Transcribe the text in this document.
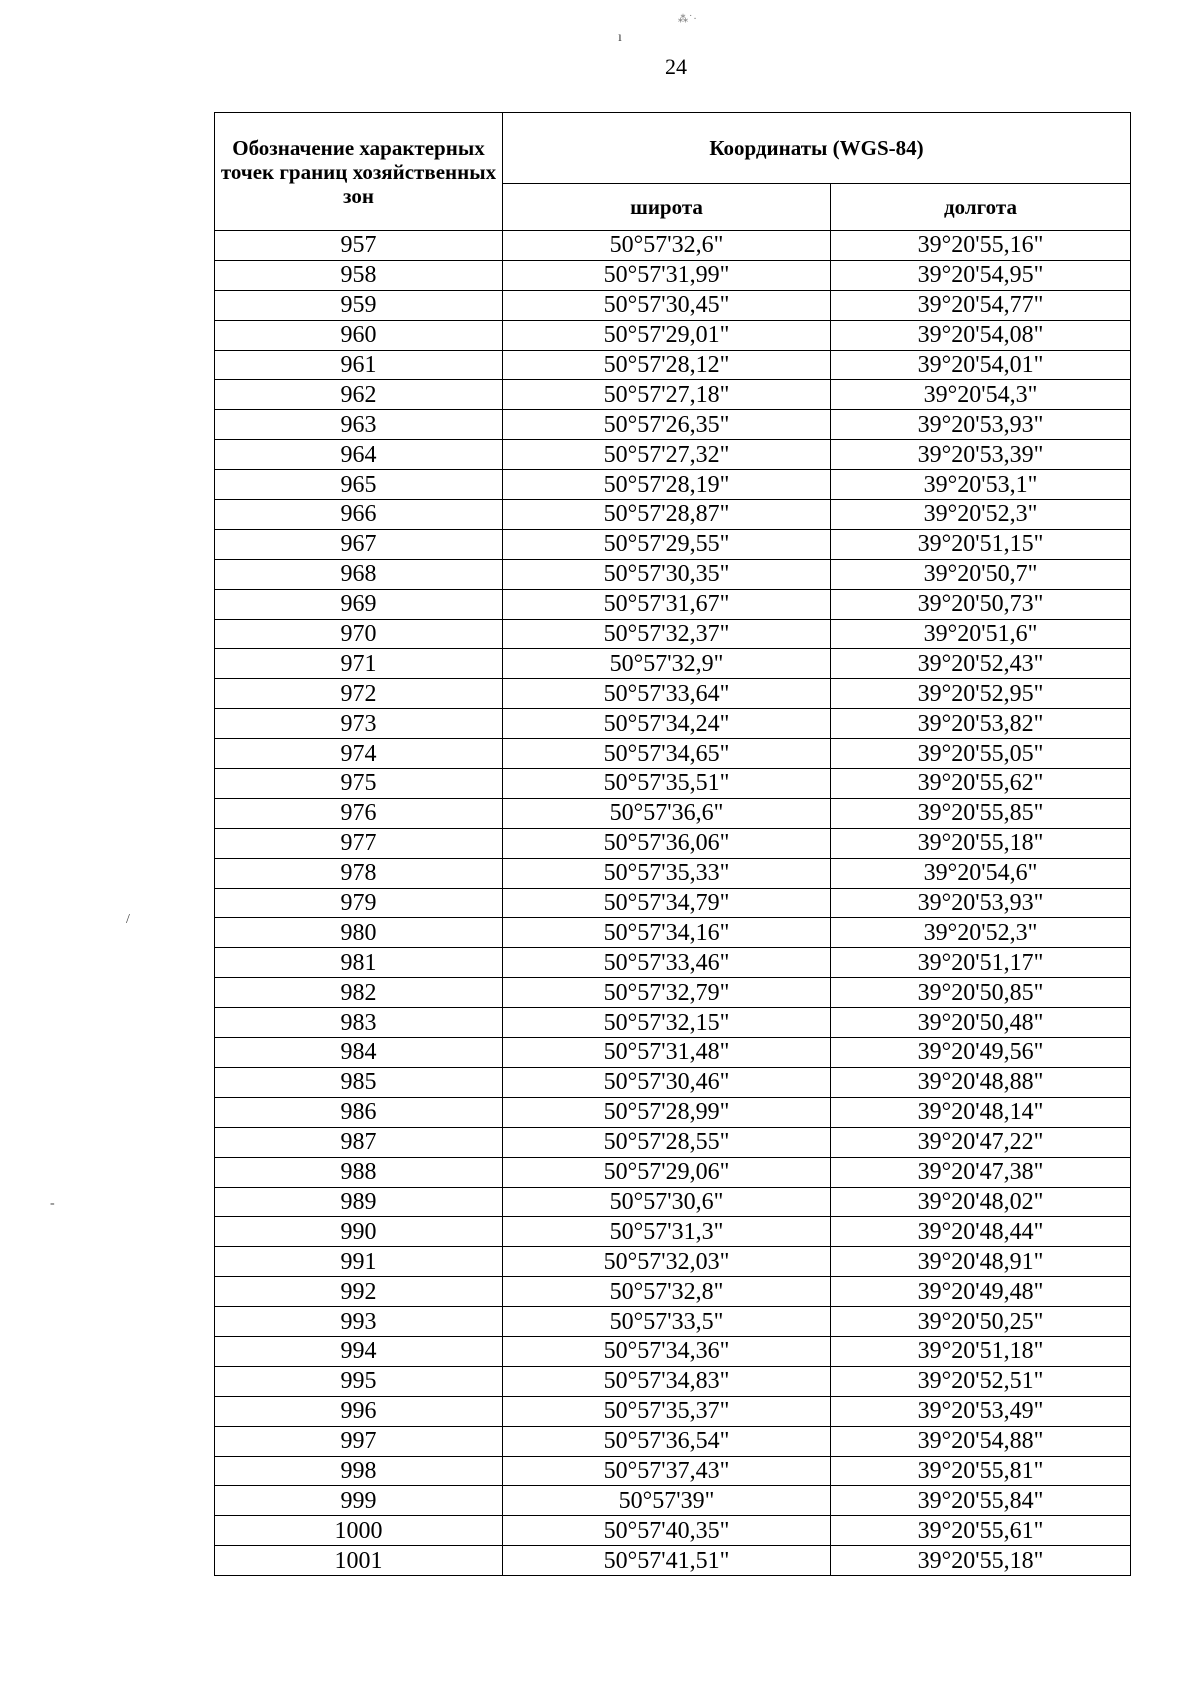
⁂˙·
ı
/
-
24
Обозначение характерных точек границ хозяйственных зон	Координаты (WGS-84)	
	широта	долгота
957	50°57'32,6"	39°20'55,16"
958	50°57'31,99"	39°20'54,95"
959	50°57'30,45"	39°20'54,77"
960	50°57'29,01"	39°20'54,08"
961	50°57'28,12"	39°20'54,01"
962	50°57'27,18"	39°20'54,3"
963	50°57'26,35"	39°20'53,93"
964	50°57'27,32"	39°20'53,39"
965	50°57'28,19"	39°20'53,1"
966	50°57'28,87"	39°20'52,3"
967	50°57'29,55"	39°20'51,15"
968	50°57'30,35"	39°20'50,7"
969	50°57'31,67"	39°20'50,73"
970	50°57'32,37"	39°20'51,6"
971	50°57'32,9"	39°20'52,43"
972	50°57'33,64"	39°20'52,95"
973	50°57'34,24"	39°20'53,82"
974	50°57'34,65"	39°20'55,05"
975	50°57'35,51"	39°20'55,62"
976	50°57'36,6"	39°20'55,85"
977	50°57'36,06"	39°20'55,18"
978	50°57'35,33"	39°20'54,6"
979	50°57'34,79"	39°20'53,93"
980	50°57'34,16"	39°20'52,3"
981	50°57'33,46"	39°20'51,17"
982	50°57'32,79"	39°20'50,85"
983	50°57'32,15"	39°20'50,48"
984	50°57'31,48"	39°20'49,56"
985	50°57'30,46"	39°20'48,88"
986	50°57'28,99"	39°20'48,14"
987	50°57'28,55"	39°20'47,22"
988	50°57'29,06"	39°20'47,38"
989	50°57'30,6"	39°20'48,02"
990	50°57'31,3"	39°20'48,44"
991	50°57'32,03"	39°20'48,91"
992	50°57'32,8"	39°20'49,48"
993	50°57'33,5"	39°20'50,25"
994	50°57'34,36"	39°20'51,18"
995	50°57'34,83"	39°20'52,51"
996	50°57'35,37"	39°20'53,49"
997	50°57'36,54"	39°20'54,88"
998	50°57'37,43"	39°20'55,81"
999	50°57'39"	39°20'55,84"
1000	50°57'40,35"	39°20'55,61"
1001	50°57'41,51"	39°20'55,18"
